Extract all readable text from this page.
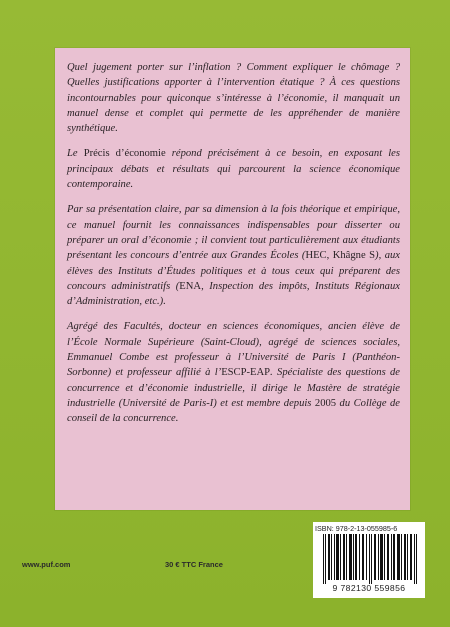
Quel jugement porter sur l’inflation ? Comment expliquer le chômage ? Quelles justifications apporter à l’intervention étatique ? À ces questions incontournables pour quiconque s’intéresse à l’économie, il manquait un manuel dense et complet qui permette de les appréhender de manière synthétique.

Le Précis d’économie répond précisément à ce besoin, en exposant les principaux débats et résultats qui parcourent la science économique contemporaine.

Par sa présentation claire, par sa dimension à la fois théorique et empirique, ce manuel fournit les connaissances indispensables pour disserter ou préparer un oral d’économie ; il convient tout particulièrement aux étudiants présentant les concours d’entrée aux Grandes Écoles (HEC, Khâgne S), aux élèves des Instituts d’Études politiques et à tous ceux qui préparent des concours administratifs (ENA, Inspection des impôts, Instituts Régionaux d’Administration, etc.).

Agrégé des Facultés, docteur en sciences économiques, ancien élève de l’École Normale Supérieure (Saint-Cloud), agrégé de sciences sociales, Emmanuel Combe est professeur à l’Université de Paris I (Panthéon-Sorbonne) et professeur affilié à l’ESCP-EAP. Spécialiste des questions de concurrence et d’économie industrielle, il dirige le Mastère de stratégie industrielle (Université de Paris-I) et est membre depuis 2005 du Collège de conseil de la concurrence.

www.puf.com	30 € TTC France
ISBN: 978-2-13-055985-6
9 782130 559856
